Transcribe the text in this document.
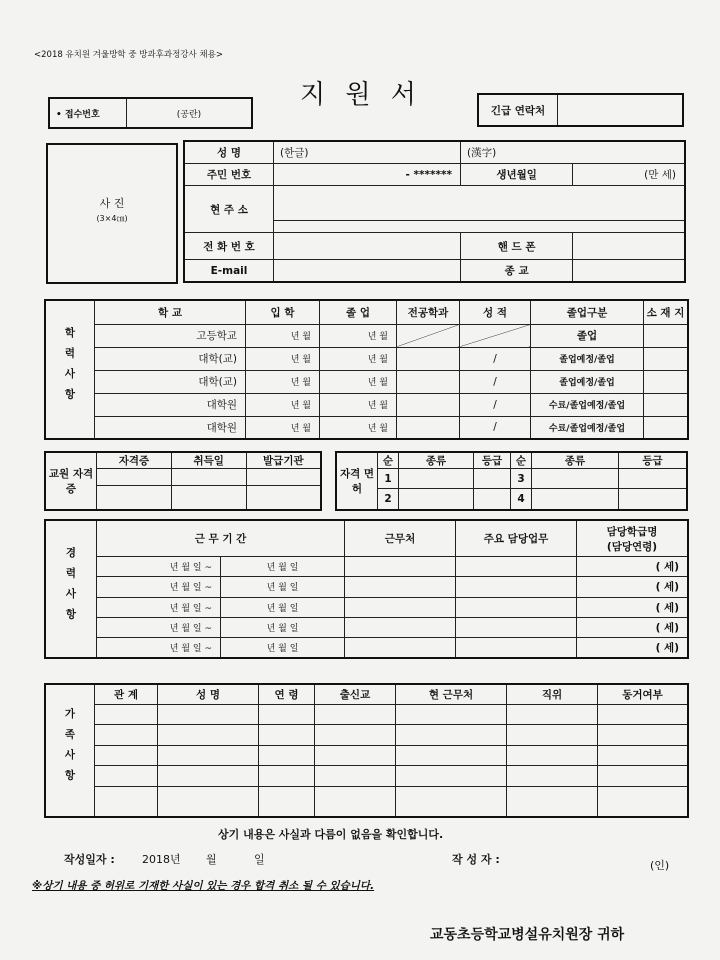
<2018 유치원 겨울방학 중 방과후과정강사 채용>
지 원 서
• 접수번호	(공란)	긴급 연락처	
사 진
(3×4㎝)
성 명	(한글)	(漢字)	
주민 번호	- *******	생년월일	(만 세)
현 주 소			

전 화 번 호		핸 드 폰	
E-mail		종 교	
학력사항	학 교	입 학	졸 업	전공학과	성 적	졸업구분	소 재 지
	고등학교	년 월	년 월			졸업	
	대학(교)	년 월	년 월		/	졸업예정/졸업	
	대학(교)	년 월	년 월		/	졸업예정/졸업	
	대학원	년 월	년 월		/	수료/졸업예정/졸업	
	대학원	년 월	년 월		/	수료/졸업예정/졸업	
교원 자격증	자격증	취득일	발급기관

자격 면허	순	종류	등급	순	종류	등급
	1			3		
	2			4		
경력사항	근 무 기 간		근무처	주요 담당업무	담당학급명
(담당연령)

	년 월 일 ~	년 월 일			( 세)
	년 월 일 ~	년 월 일			( 세)
	년 월 일 ~	년 월 일			( 세)
	년 월 일 ~	년 월 일			( 세)
	년 월 일 ~	년 월 일			( 세)
가족사항	관 계	성 명	연 령	출신교	현 근무처	직위	동거여부

상기 내용은 사실과 다름이 없음을 확인합니다.
작성일자 : 2018년 월	일	작 성 자 :	(인)
※상기 내용 중 허위로 기재한 사실이 있는 경우 합격 취소 될 수 있습니다.
교동초등학교병설유치원장 귀하
